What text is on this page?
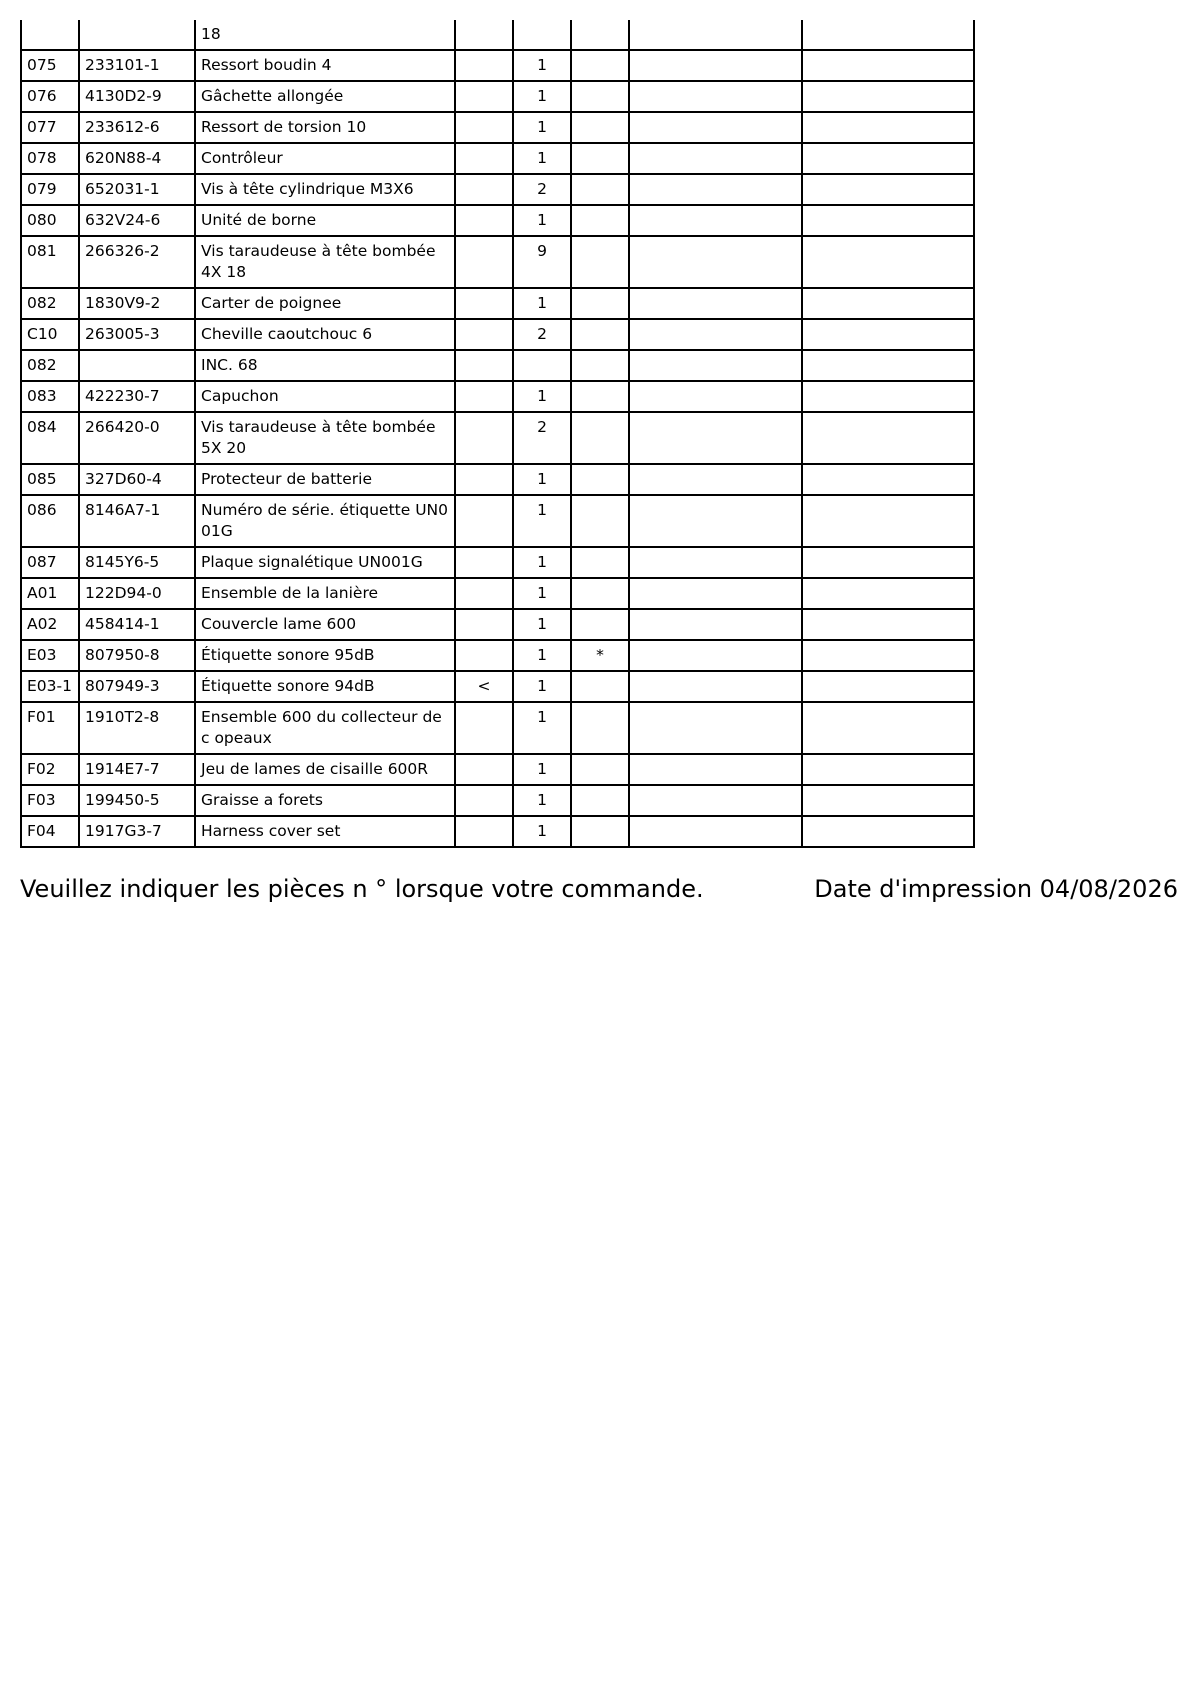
		18					
075	233101-1	Ressort boudin 4		1			
076	4130D2-9	Gâchette allongée		1			
077	233612-6	Ressort de torsion 10		1			
078	620N88-4	Contrôleur		1			
079	652031-1	Vis à tête cylindrique M3X6		2			
080	632V24-6	Unité de borne		1			
081	266326-2	Vis taraudeuse à tête bombée 4X 18		9			
082	1830V9-2	Carter de poignee		1			
C10	263005-3	Cheville caoutchouc 6		2			
082		INC. 68					
083	422230-7	Capuchon		1			
084	266420-0	Vis taraudeuse à tête bombée 5X 20		2			
085	327D60-4	Protecteur de batterie		1			
086	8146A7-1	Numéro de série. étiquette UN0 01G		1			
087	8145Y6-5	Plaque signalétique UN001G		1			
A01	122D94-0	Ensemble de la lanière		1			
A02	458414-1	Couvercle lame 600		1			
E03	807950-8	Étiquette sonore 95dB		1	*		
E03-1	807949-3	Étiquette sonore 94dB	<	1			
F01	1910T2-8	Ensemble 600 du collecteur de c opeaux		1			
F02	1914E7-7	Jeu de lames de cisaille 600R		1			
F03	199450-5	Graisse a forets		1			
F04	1917G3-7	Harness cover set		1			
Veuillez indiquer les pièces n ° lorsque votre commande.	Date d'impression 04/08/2026
